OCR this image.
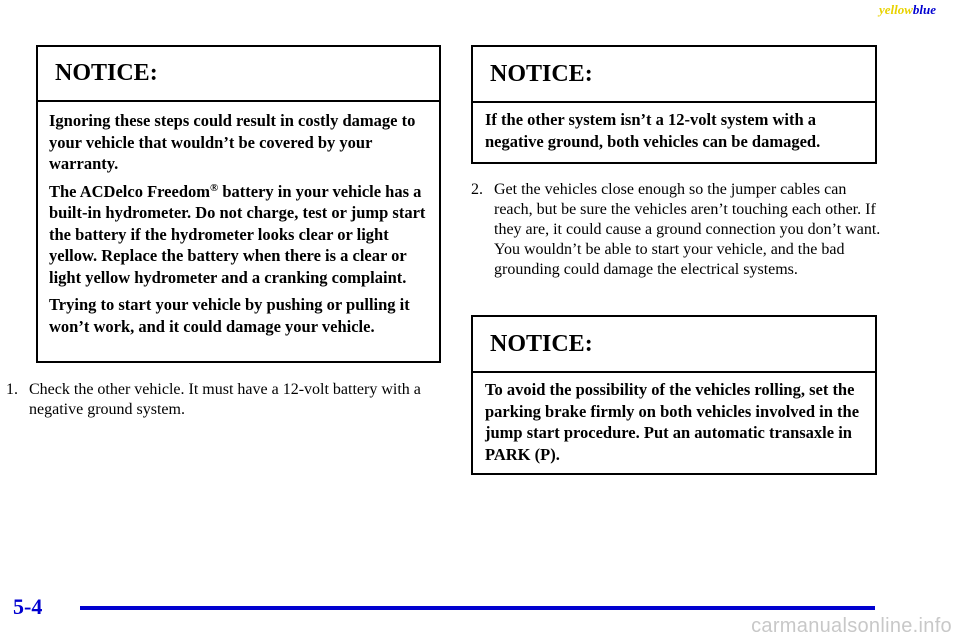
yellowblue
NOTICE:

Ignoring these steps could result in costly damage to your vehicle that wouldn’t be covered by your warranty.

The ACDelco Freedom® battery in your vehicle has a built-in hydrometer. Do not charge, test or jump start the battery if the hydrometer looks clear or light yellow. Replace the battery when there is a clear or light yellow hydrometer and a cranking complaint.

Trying to start your vehicle by pushing or pulling it won’t work, and it could damage your vehicle.

1. Check the other vehicle. It must have a 12-volt battery with a negative ground system.
NOTICE:

If the other system isn’t a 12-volt system with a negative ground, both vehicles can be damaged.

2. Get the vehicles close enough so the jumper cables can reach, but be sure the vehicles aren’t touching each other. If they are, it could cause a ground connection you don’t want. You wouldn’t be able to start your vehicle, and the bad grounding could damage the electrical systems.
NOTICE:

To avoid the possibility of the vehicles rolling, set the parking brake firmly on both vehicles involved in the jump start procedure. Put an automatic transaxle in PARK (P).

5-4
carmanualsonline.info
